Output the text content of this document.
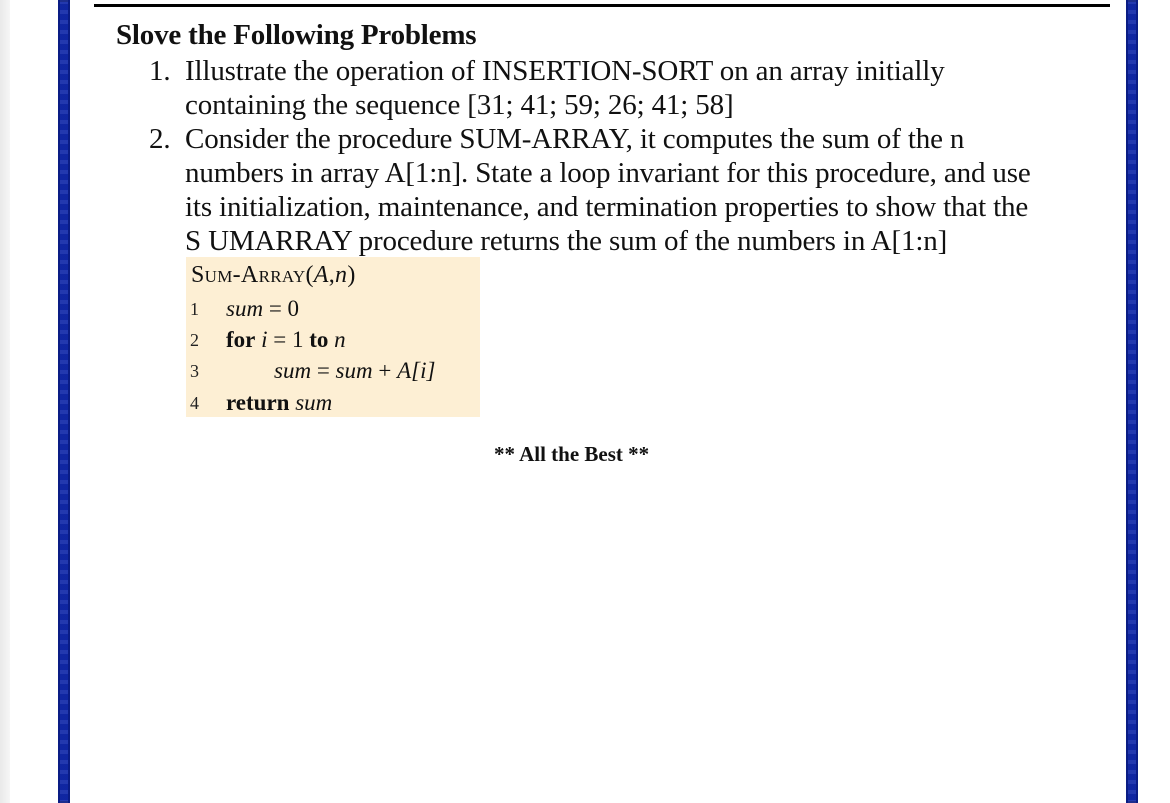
Slove the Following Problems
1. Illustrate the operation of INSERTION-SORT on an array initially
containing the sequence [31; 41; 59; 26; 41; 58]
2. Consider the procedure SUM-ARRAY, it computes the sum of the n
numbers in array A[1:n]. State a loop invariant for this procedure, and use
its initialization, maintenance, and termination properties to show that the
S UMARRAY procedure returns the sum of the numbers in A[1:n]
Sum-Array(A,n)
1	sum = 0
2	for i = 1 to n
3	sum = sum + A[i]
4	return sum
** All the Best **
